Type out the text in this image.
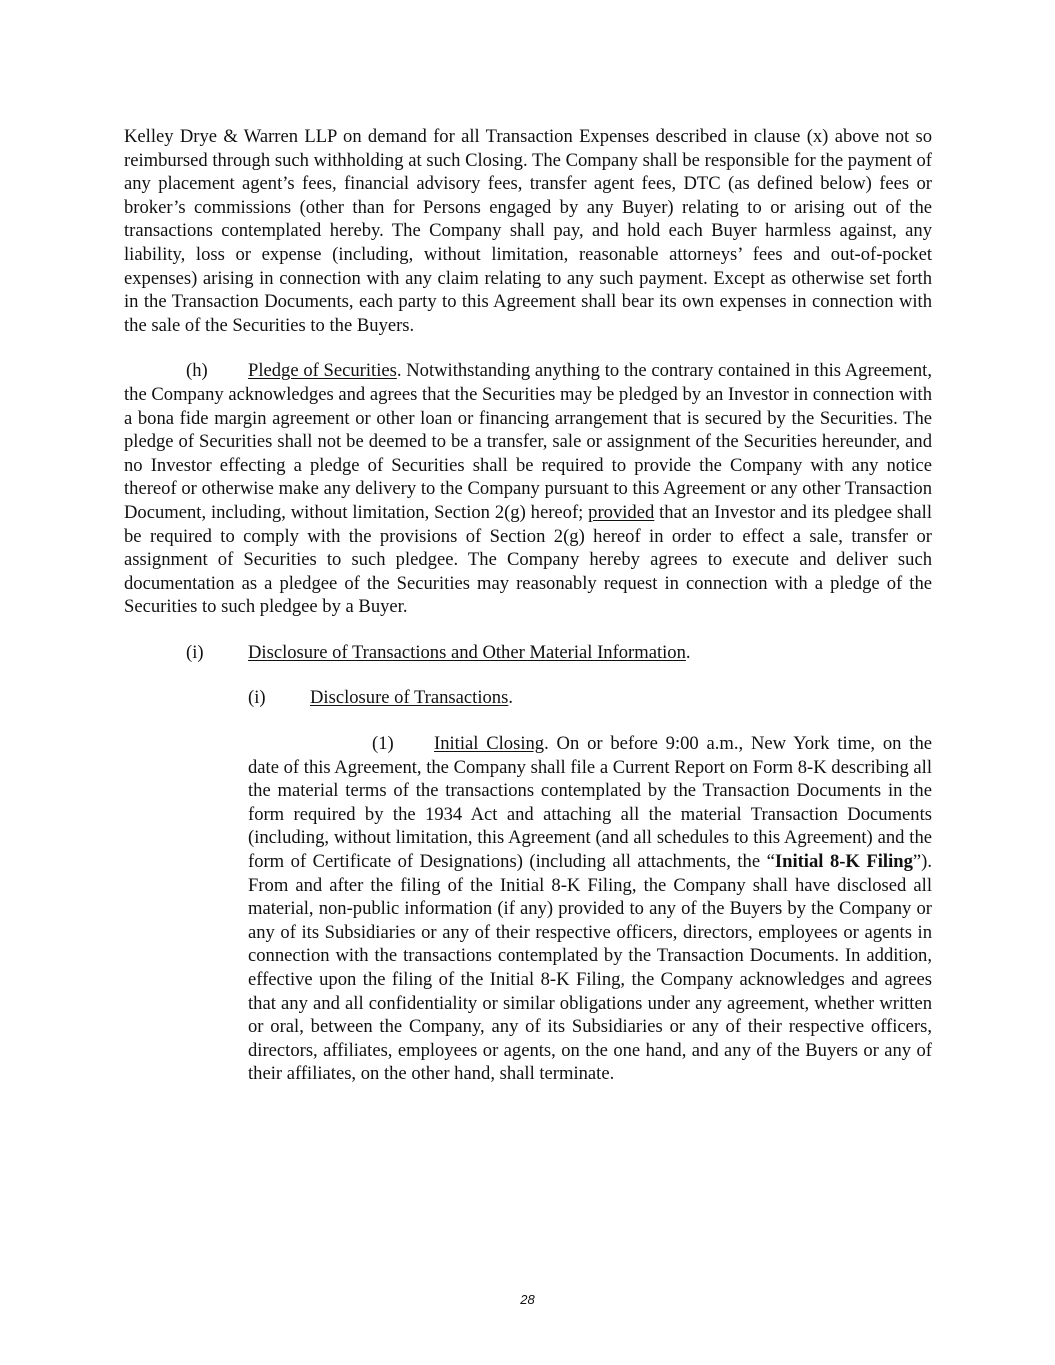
Kelley Drye & Warren LLP on demand for all Transaction Expenses described in clause (x) above not so reimbursed through such withholding at such Closing. The Company shall be responsible for the payment of any placement agent’s fees, financial advisory fees, transfer agent fees, DTC (as defined below) fees or broker’s commissions (other than for Persons engaged by any Buyer) relating to or arising out of the transactions contemplated hereby. The Company shall pay, and hold each Buyer harmless against, any liability, loss or expense (including, without limitation, reasonable attorneys’ fees and out-of-pocket expenses) arising in connection with any claim relating to any such payment. Except as otherwise set forth in the Transaction Documents, each party to this Agreement shall bear its own expenses in connection with the sale of the Securities to the Buyers.

(h) Pledge of Securities. Notwithstanding anything to the contrary contained in this Agreement, the Company acknowledges and agrees that the Securities may be pledged by an Investor in connection with a bona fide margin agreement or other loan or financing arrangement that is secured by the Securities. The pledge of Securities shall not be deemed to be a transfer, sale or assignment of the Securities hereunder, and no Investor effecting a pledge of Securities shall be required to provide the Company with any notice thereof or otherwise make any delivery to the Company pursuant to this Agreement or any other Transaction Document, including, without limitation, Section 2(g) hereof; provided that an Investor and its pledgee shall be required to comply with the provisions of Section 2(g) hereof in order to effect a sale, transfer or assignment of Securities to such pledgee. The Company hereby agrees to execute and deliver such documentation as a pledgee of the Securities may reasonably request in connection with a pledge of the Securities to such pledgee by a Buyer.

(i) Disclosure of Transactions and Other Material Information.

(i) Disclosure of Transactions.

(1) Initial Closing. On or before 9:00 a.m., New York time, on the date of this Agreement, the Company shall file a Current Report on Form 8-K describing all the material terms of the transactions contemplated by the Transaction Documents in the form required by the 1934 Act and attaching all the material Transaction Documents (including, without limitation, this Agreement (and all schedules to this Agreement) and the form of Certificate of Designations) (including all attachments, the “Initial 8-K Filing”). From and after the filing of the Initial 8-K Filing, the Company shall have disclosed all material, non-public information (if any) provided to any of the Buyers by the Company or any of its Subsidiaries or any of their respective officers, directors, employees or agents in connection with the transactions contemplated by the Transaction Documents. In addition, effective upon the filing of the Initial 8-K Filing, the Company acknowledges and agrees that any and all confidentiality or similar obligations under any agreement, whether written or oral, between the Company, any of its Subsidiaries or any of their respective officers, directors, affiliates, employees or agents, on the one hand, and any of the Buyers or any of their affiliates, on the other hand, shall terminate.

28
